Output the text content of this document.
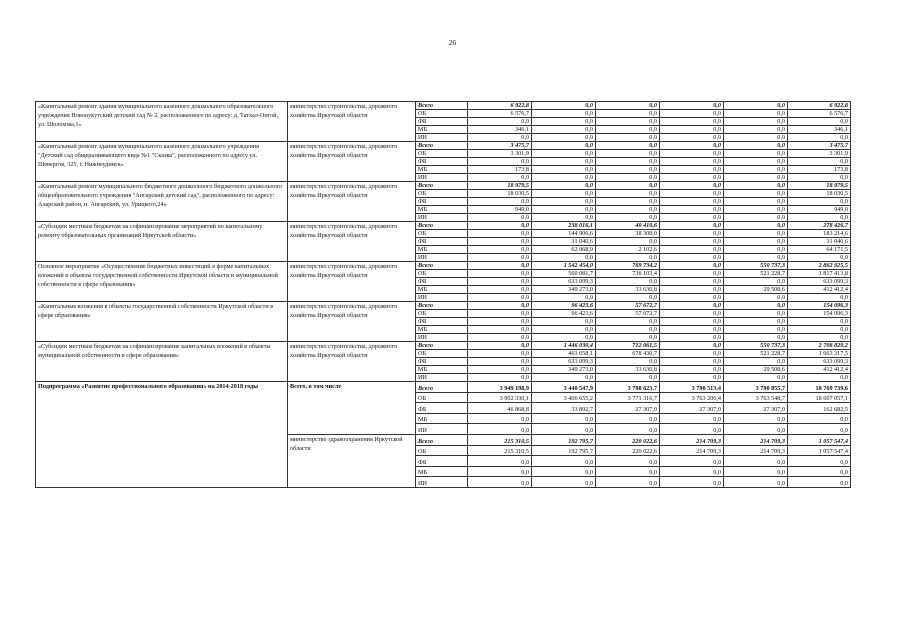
26
«Капитальный ремонт здания муниципального казенного дошкольного образовательного учреждения Новонукутский детский сад № 2, расположенного по адресу: д. Татхал-Онгой, ул. Шолохова,1»	министерство строительства, дорожного хозяйства Иркутской области	Всего	6 922,8	0,0	0,0	0,0	0,0	6 922,8
		ОБ	6 576,7	0,0	0,0	0,0	0,0	6 576,7
		ФБ	0,0	0,0	0,0	0,0	0,0	0,0
		МБ	346,1	0,0	0,0	0,0	0,0	346,1
		ИИ	0,0	0,0	0,0	0,0	0,0	0,0
«Капитальный ремонт здания муниципального казенного дошкольного учреждения "Детский сад общеразвивающего вида №1 "Сказка", расположенного по адресу ул. Шевергов, 325, г. Нижнеудинск»	министерство строительства, дорожного хозяйства Иркутской области	Всего	3 475,7	0,0	0,0	0,0	0,0	3 475,7
		ОБ	3 301,9	0,0	0,0	0,0	0,0	3 301,9
		ФБ	0,0	0,0	0,0	0,0	0,0	0,0
		МБ	173,8	0,0	0,0	0,0	0,0	173,8
		ИИ	0,0	0,0	0,0	0,0	0,0	0,0
«Капитальный ремонт муниципального бюджетного дошкольного бюджетного дошкольного общеобразовательного учреждения "Ангарский детский сад", расположенного по адресу: Аларский район, п. Ангарский, ул. Урицкого,24»	министерство строительства, дорожного хозяйства Иркутской области	Всего	18 979,5	0,0	0,0	0,0	0,0	18 979,5
		ОБ	18 030,5	0,0	0,0	0,0	0,0	18 030,5
		ФБ	0,0	0,0	0,0	0,0	0,0	0,0
		МБ	949,0	0,0	0,0	0,0	0,0	949,0
		ИИ	0,0	0,0	0,0	0,0	0,0	0,0
«Субсидии местным бюджетам на софинансирование мероприятий по капитальному ремонту образовательных организаций Иркутской области»	министерство строительства, дорожного хозяйства Иркутской области	Всего	0,0	238 016,1	40 410,6	0,0	0,0	278 426,7
		ОБ	0,0	144 906,6	38 308,0	0,0	0,0	183 214,6
		ФБ	0,0	31 040,6	0,0	0,0	0,0	31 040,6
		МБ	0,0	62 068,9	2 102,6	0,0	0,0	64 171,5
		ИИ	0,0	0,0	0,0	0,0	0,0	0,0
Основное мероприятие «Осуществление бюджетных инвестиций в форме капитальных вложений в объекты государственной собственности Иркутской области и муниципальной собственности в сфере образования»	министерство строительства, дорожного хозяйства Иркутской области	Всего	0,0	1 542 454,0	769 734,2	0,0	550 737,3	2 862 925,5
		ОБ	0,0	560 081,7	736 103,4	0,0	521 228,7	1 817 413,8
		ФБ	0,0	633 099,3	0,0	0,0	0,0	633 099,3
		МБ	0,0	349 273,0	33 630,8	0,0	29 508,6	412 412,4
		ИИ	0,0	0,0	0,0	0,0	0,0	0,0
«Капитальные вложения в объекты государственной собственности Иркутской области в сфере образования»	министерство строительства, дорожного хозяйства Иркутской области	Всего	0,0	96 423,6	57 672,7	0,0	0,0	154 096,3
		ОБ	0,0	96 423,6	57 672,7	0,0	0,0	154 096,3
		ФБ	0,0	0,0	0,0	0,0	0,0	0,0
		МБ	0,0	0,0	0,0	0,0	0,0	0,0
		ИИ	0,0	0,0	0,0	0,0	0,0	0,0
«Субсидии местным бюджетам на софинансирование капитальных вложений в объекты муниципальной собственности в сфере образования»	министерство строительства, дорожного хозяйства Иркутской области	Всего	0,0	1 446 030,4	712 061,5	0,0	550 737,3	2 708 829,2
		ОБ	0,0	463 658,1	678 430,7	0,0	521 228,7	1 663 317,5
		ФБ	0,0	633 099,3	0,0	0,0	0,0	633 099,3
		МБ	0,0	349 273,0	33 630,8	0,0	29 508,6	412 412,4
		ИИ	0,0	0,0	0,0	0,0	0,0	0,0
Подпрограмма «Развитие профессионального образования» на 2014-2018 годы	Всего, в том числе	Всего	3 949 198,9	3 440 547,9	3 798 623,7	3 790 513,4	3 790 855,7	18 769 739,6
		ОБ	3 902 330,1	3 406 655,2	3 771 316,7	3 763 206,4	3 763 548,7	18 607 057,1
		ФБ	46 868,8	33 892,7	27 307,0	27 307,0	27 307,0	162 682,5
		МБ	0,0	0,0	0,0	0,0	0,0	0,0
		ИИ	0,0	0,0	0,0	0,0	0,0	0,0
	министерство здравоохранения Иркутской области	Всего	215 310,5	192 795,7	220 022,6	214 709,3	214 709,3	1 057 547,4
		ОБ	215 310,5	192 795,7	220 022,6	214 709,3	214 709,3	1 057 547,4
		ФБ	0,0	0,0	0,0	0,0	0,0	0,0
		МБ	0,0	0,0	0,0	0,0	0,0	0,0
		ИИ	0,0	0,0	0,0	0,0	0,0	0,0
